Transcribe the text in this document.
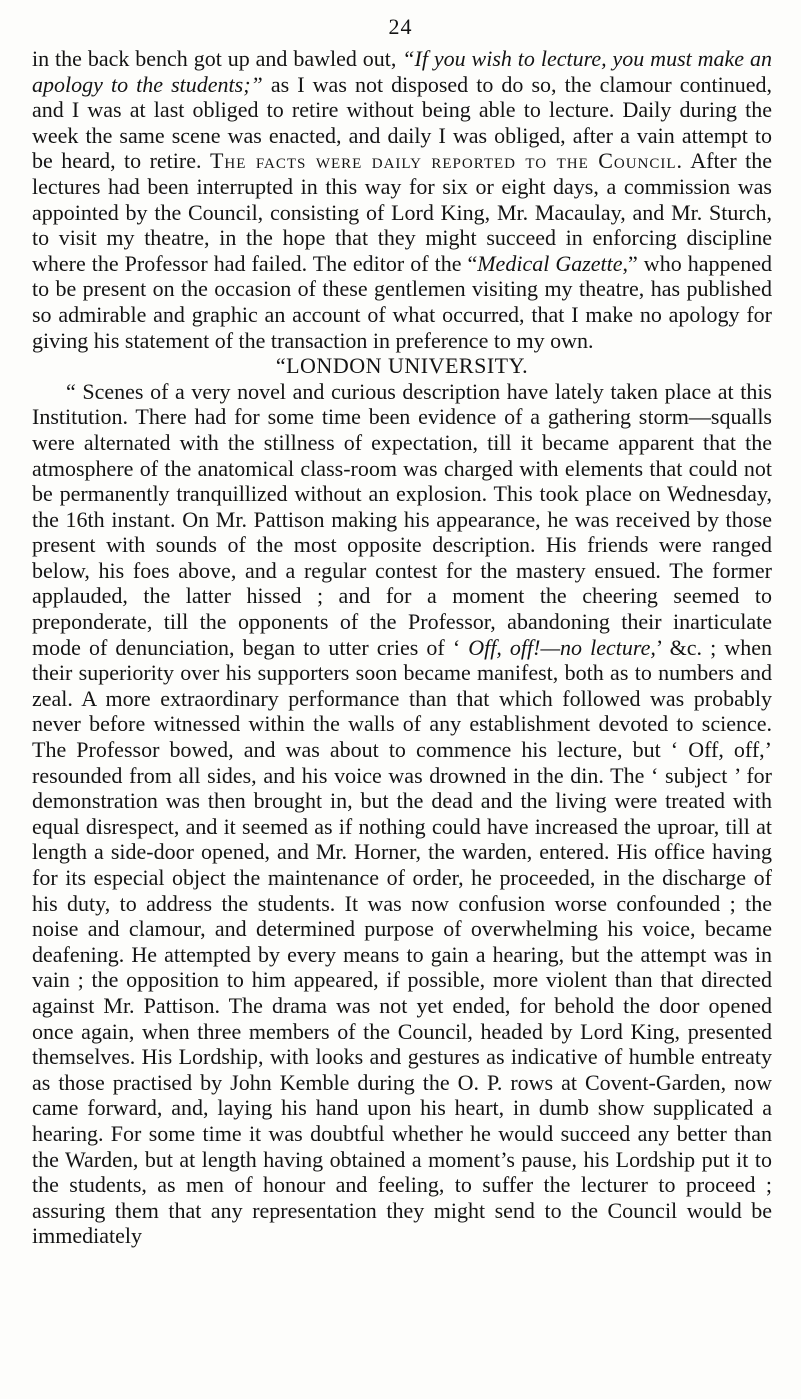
24

in the back bench got up and bawled out, “If you wish to lecture, you must make an apology to the students;” as I was not disposed to do so, the clamour continued, and I was at last obliged to retire without being able to lecture. Daily during the week the same scene was enacted, and daily I was obliged, after a vain attempt to be heard, to retire. The facts were daily reported to the Council. After the lectures had been interrupted in this way for six or eight days, a commission was appointed by the Council, consisting of Lord King, Mr. Macaulay, and Mr. Sturch, to visit my theatre, in the hope that they might succeed in enforcing discipline where the Professor had failed. The editor of the “Medical Gazette,” who happened to be present on the occasion of these gentlemen visiting my theatre, has published so admirable and graphic an account of what occurred, that I make no apology for giving his statement of the transaction in preference to my own.

“LONDON UNIVERSITY.

“ Scenes of a very novel and curious description have lately taken place at this Institution. There had for some time been evidence of a gathering storm—squalls were alternated with the stillness of expectation, till it became apparent that the atmosphere of the anatomical class-room was charged with elements that could not be permanently tranquillized without an explosion. This took place on Wednesday, the 16th instant. On Mr. Pattison making his appearance, he was received by those present with sounds of the most opposite description. His friends were ranged below, his foes above, and a regular contest for the mastery ensued. The former applauded, the latter hissed ; and for a moment the cheering seemed to preponderate, till the opponents of the Professor, abandoning their inarticulate mode of denunciation, began to utter cries of ‘ Off, off!—no lecture,’ &c. ; when their superiority over his supporters soon became manifest, both as to numbers and zeal. A more extraordinary performance than that which followed was probably never before witnessed within the walls of any establishment devoted to science. The Professor bowed, and was about to commence his lecture, but ‘ Off, off,’ resounded from all sides, and his voice was drowned in the din. The ‘ subject ’ for demonstration was then brought in, but the dead and the living were treated with equal disrespect, and it seemed as if nothing could have increased the uproar, till at length a side-door opened, and Mr. Horner, the warden, entered. His office having for its especial object the maintenance of order, he proceeded, in the discharge of his duty, to address the students. It was now confusion worse confounded ; the noise and clamour, and determined purpose of overwhelming his voice, became deafening. He attempted by every means to gain a hearing, but the attempt was in vain ; the opposition to him appeared, if possible, more violent than that directed against Mr. Pattison. The drama was not yet ended, for behold the door opened once again, when three members of the Council, headed by Lord King, presented themselves. His Lordship, with looks and gestures as indicative of humble entreaty as those practised by John Kemble during the O. P. rows at Covent-Garden, now came forward, and, laying his hand upon his heart, in dumb show supplicated a hearing. For some time it was doubtful whether he would succeed any better than the Warden, but at length having obtained a moment’s pause, his Lordship put it to the students, as men of honour and feeling, to suffer the lecturer to proceed ; assuring them that any representation they might send to the Council would be immediately
